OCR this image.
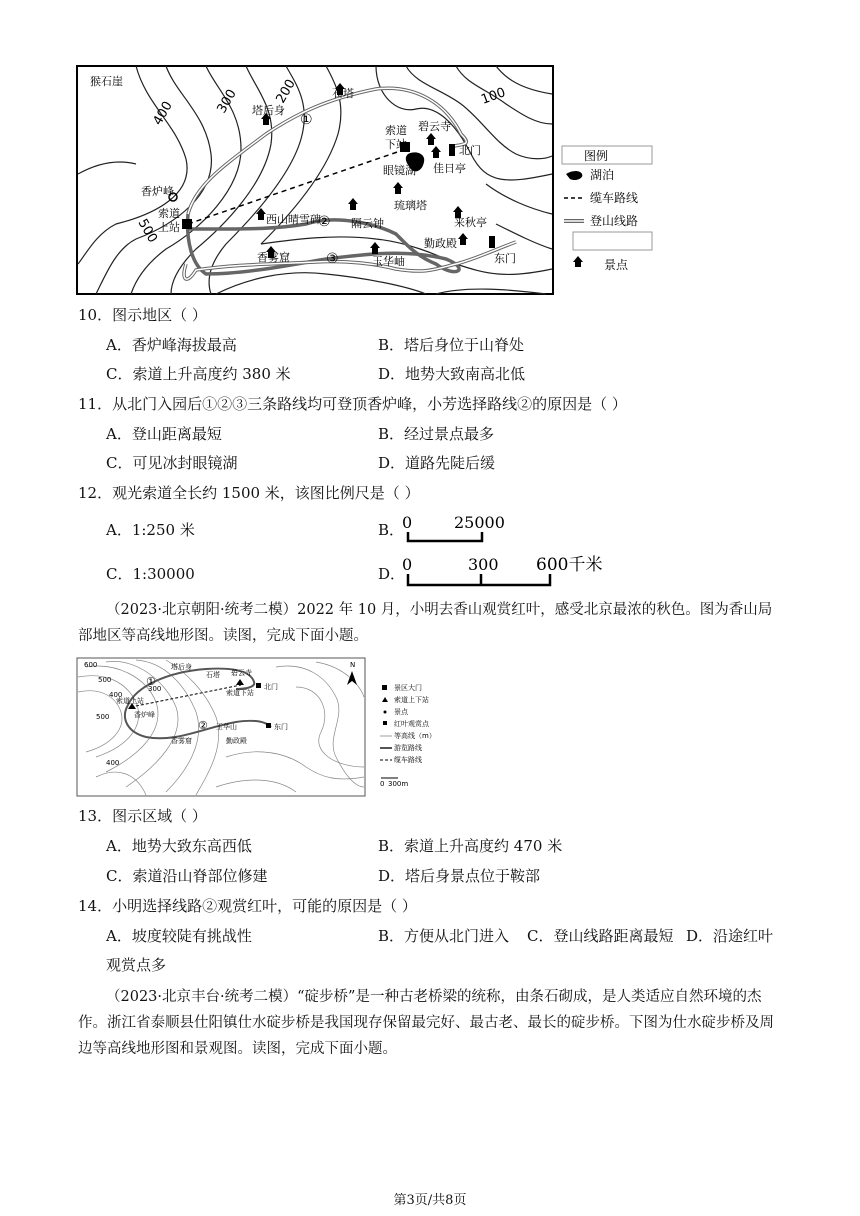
猴石崖
石塔
碧云寺
索道
下站	北门
塔后身
眼镜湖 佳日亭
香炉峰
索道
上站
西山晴雪碑	隔云钟
琉璃塔
来秋亭
勤政殿
东门
香雾窟	玉华岫
400	300	200	100
500
①
②
③
图例
湖泊
缆车路线
登山线路
景点
10．图示地区（ ）
A．香炉峰海拔最高	B．塔后身位于山脊处
C．索道上升高度约 380 米	D．地势大致南高北低
11．从北门入园后①②③三条路线均可登顶香炉峰，小芳选择路线②的原因是（ ）
A．登山距离最短	B．经过景点最多
C．可见冰封眼镜湖	D．道路先陡后缓
12．观光索道全长约 1500 米，该图比例尺是（ ）
A．1:250 米	B．
0	25000
C．1:30000	D．
0	300 600千米
（2023·北京朝阳·统考二模）2022 年 10 月，小明去香山观赏红叶，感受北京最浓的秋色。图为香山局部地区等高线地形图。读图，完成下面小题。
600
500
400
300
500
400
塔后身
石塔 碧云寺
北门
索道下站
索道上站
香炉峰
香雾窟
玉华山	东门
勤政殿
①
②
N
景区大门
索道上下站
景点
红叶观赏点
等高线（m）
游览路线
缆车路线
0 300m
13．图示区域（ ）
A．地势大致东高西低	B．索道上升高度约 470 米
C．索道沿山脊部位修建	D．塔后身景点位于鞍部
14．小明选择线路②观赏红叶，可能的原因是（ ）
A．坡度较陡有挑战性	B．方便从北门进入 C．登山线路距离最短 D．沿途红叶
观赏点多
（2023·北京丰台·统考二模）“碇步桥”是一种古老桥梁的统称，由条石砌成，是人类适应自然环境的杰作。浙江省泰顺县仕阳镇仕水碇步桥是我国现存保留最完好、最古老、最长的碇步桥。下图为仕水碇步桥及周边等高线地形图和景观图。读图，完成下面小题。
第3页/共8页
